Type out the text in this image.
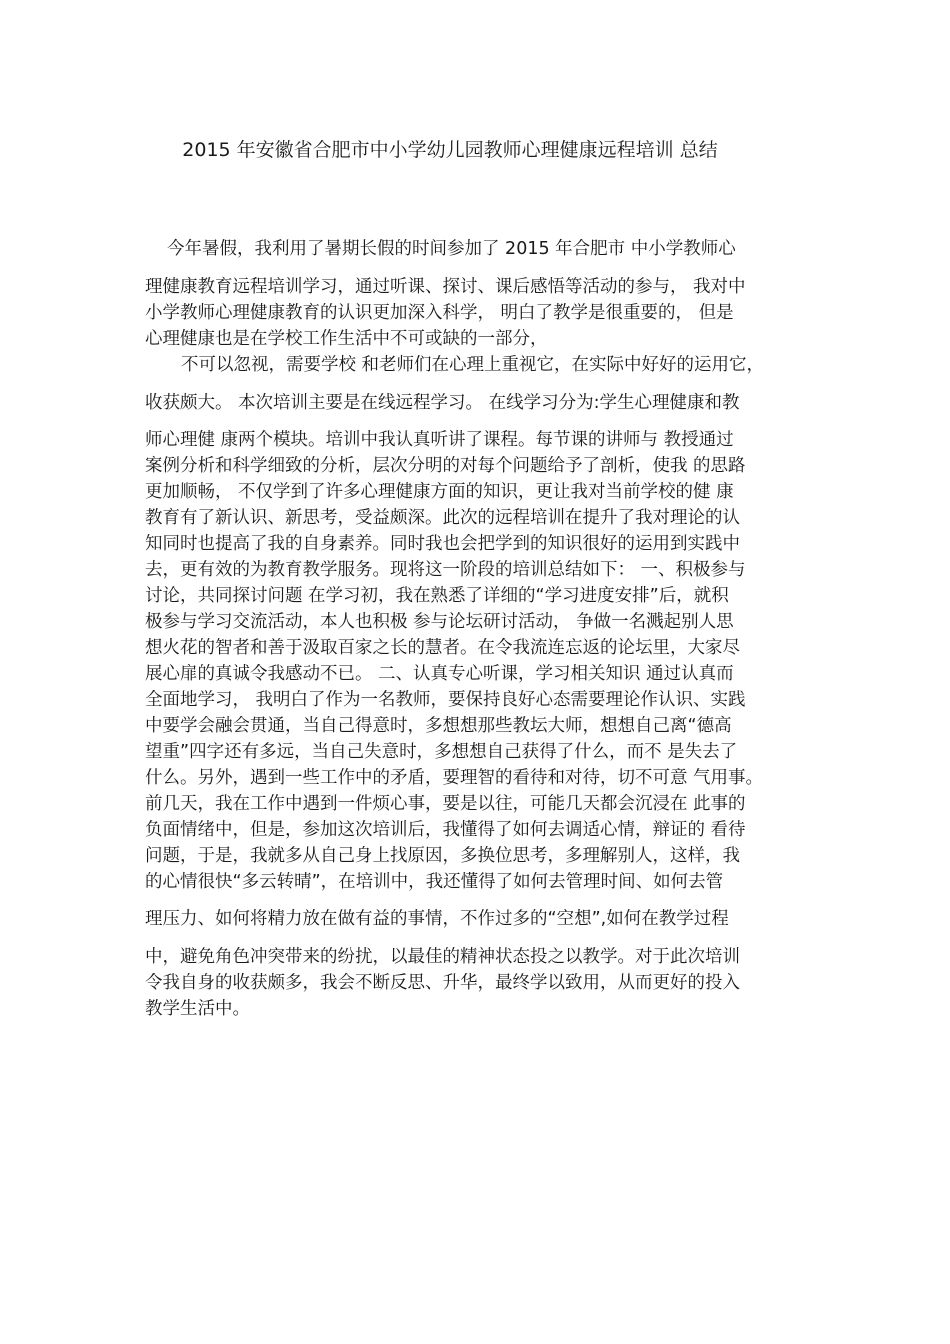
2015 年安徽省合肥市中小学幼儿园教师心理健康远程培训 总结
今年暑假，我利用了暑期长假的时间参加了 2015 年合肥市 中小学教师心
理健康教育远程培训学习，通过听课、探讨、课后感悟等活动的参与， 我对中
小学教师心理健康教育的认识更加深入科学， 明白了教学是很重要的， 但是
心理健康也是在学校工作生活中不可或缺的一部分，
不可以忽视，需要学校 和老师们在心理上重视它，在实际中好好的运用它，
收获颇大。 本次培训主要是在线远程学习。 在线学习分为:学生心理健康和教
师心理健 康两个模块。培训中我认真听讲了课程。每节课的讲师与 教授通过
案例分析和科学细致的分析，层次分明的对每个问题给予了剖析，使我 的思路
更加顺畅， 不仅学到了许多心理健康方面的知识，更让我对当前学校的健 康
教育有了新认识、新思考，受益颇深。此次的远程培训在提升了我对理论的认
知同时也提高了我的自身素养。同时我也会把学到的知识很好的运用到实践中
去，更有效的为教育教学服务。现将这一阶段的培训总结如下： 一、积极参与
讨论，共同探讨问题 在学习初，我在熟悉了详细的“学习进度安排”后，就积
极参与学习交流活动，本人也积极 参与论坛研讨活动， 争做一名溅起别人思
想火花的智者和善于汲取百家之长的慧者。在令我流连忘返的论坛里，大家尽
展心扉的真诚令我感动不已。 二、认真专心听课，学习相关知识 通过认真而
全面地学习， 我明白了作为一名教师，要保持良好心态需要理论作认识、实践
中要学会融会贯通，当自己得意时，多想想那些教坛大师，想想自己离“德高
望重”四字还有多远，当自己失意时，多想想自己获得了什么，而不 是失去了
什么。另外，遇到一些工作中的矛盾，要理智的看待和对待，切不可意 气用事。
前几天，我在工作中遇到一件烦心事，要是以往，可能几天都会沉浸在 此事的
负面情绪中，但是，参加这次培训后，我懂得了如何去调适心情，辩证的 看待
问题，于是，我就多从自己身上找原因，多换位思考，多理解别人，这样，我
的心情很快“多云转晴”，在培训中，我还懂得了如何去管理时间、如何去管
理压力、如何将精力放在做有益的事情，不作过多的“空想”,如何在教学过程
中，避免角色冲突带来的纷扰，以最佳的精神状态投之以教学。对于此次培训
令我自身的收获颇多，我会不断反思、升华，最终学以致用，从而更好的投入
教学生活中。
